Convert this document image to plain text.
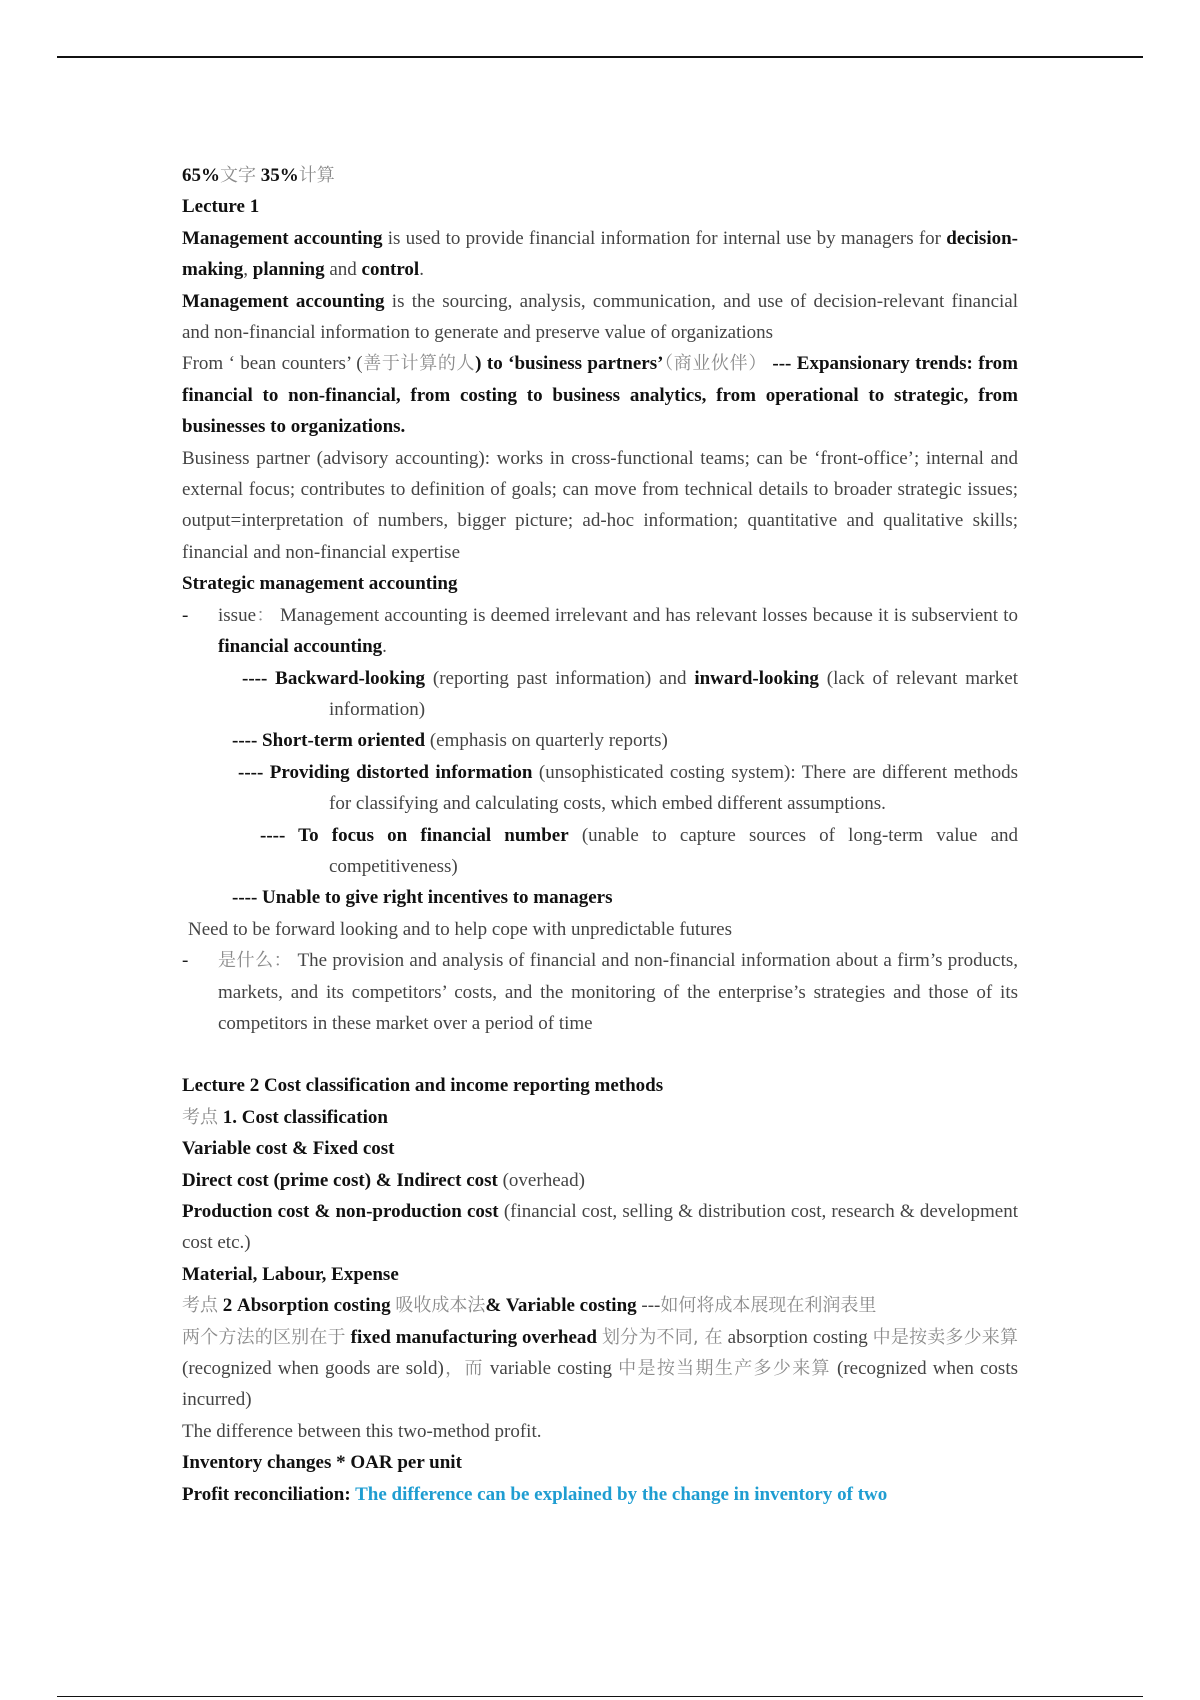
65%文字 35%计算

Lecture 1

Management accounting is used to provide financial information for internal use by managers for decision-making, planning and control.

Management accounting is the sourcing, analysis, communication, and use of decision-relevant financial and non-financial information to generate and preserve value of organizations

From ‘ bean counters’ (善于计算的人) to ‘business partners’（商业伙伴） --- Expansionary trends: from financial to non-financial, from costing to business analytics, from operational to strategic, from businesses to organizations.

Business partner (advisory accounting): works in cross-functional teams; can be ‘front-office’; internal and external focus; contributes to definition of goals; can move from technical details to broader strategic issues; output=interpretation of numbers, bigger picture; ad-hoc information; quantitative and qualitative skills; financial and non-financial expertise

Strategic management accounting

- issue： Management accounting is deemed irrelevant and has relevant losses because it is subservient to financial accounting.

---- Backward-looking (reporting past information) and inward-looking (lack of relevant market information)

---- Short-term oriented (emphasis on quarterly reports)

---- Providing distorted information (unsophisticated costing system): There are different methods for classifying and calculating costs, which embed different assumptions.

---- To focus on financial number (unable to capture sources of long-term value and competitiveness)

---- Unable to give right incentives to managers

Need to be forward looking and to help cope with unpredictable futures

- 是什么： The provision and analysis of financial and non-financial information about a firm’s products, markets, and its competitors’ costs, and the monitoring of the enterprise’s strategies and those of its competitors in these market over a period of time

Lecture 2 Cost classification and income reporting methods

考点 1. Cost classification

Variable cost & Fixed cost

Direct cost (prime cost) & Indirect cost (overhead)

Production cost & non-production cost (financial cost, selling & distribution cost, research & development cost etc.)

Material, Labour, Expense

考点 2 Absorption costing 吸收成本法& Variable costing ---如何将成本展现在利润表里

两个方法的区别在于 fixed manufacturing overhead 划分为不同, 在 absorption costing 中是按卖多少来算 (recognized when goods are sold)，而 variable costing 中是按当期生产多少来算 (recognized when costs incurred)

The difference between this two-method profit.

Inventory changes * OAR per unit

Profit reconciliation: The difference can be explained by the change in inventory of two
